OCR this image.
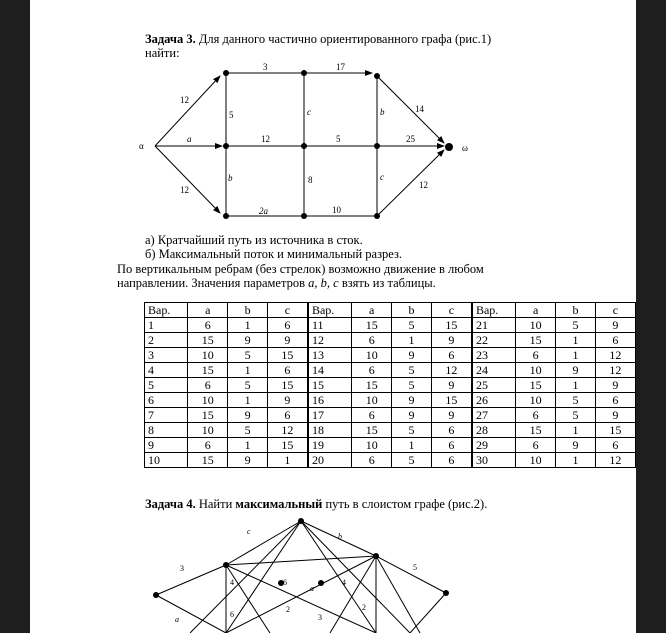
Задача 3. Для данного частично ориентированного графа (рис.1)
найти:
α	ω
12
a
12
3	17
12	5	25
2a	10
5
b
c
8
b
c
14
12
а) Кратчайший путь из источника в сток.
б) Максимальный поток и минимальный разрез.
По вертикальным ребрам (без стрелок) возможно движение в любом
направлении. Значения параметров a, b, c взять из таблицы.
Вар.	a	b	c	Вар.	a	b	c	Вар.	a	b	c
1	6	1	6	11	15	5	15	21	10	5	9
2	15	9	9	12	6	1	9	22	15	1	6
3	10	5	15	13	10	9	6	23	6	1	12
4	15	1	6	14	6	5	12	24	10	9	12
5	6	5	15	15	15	5	9	25	15	1	9
6	10	1	9	16	10	9	15	26	10	5	6
7	15	9	6	17	6	9	9	27	6	5	9
8	10	5	12	18	15	5	6	28	15	1	15
9	6	1	15	19	10	1	6	29	6	9	6
10	15	9	1	20	6	5	6	30	10	1	12
Задача 4. Найти максимальный путь в слоистом графе (рис.2).
3
c
b
4	6
a
4
5
6
2	2
a	3
